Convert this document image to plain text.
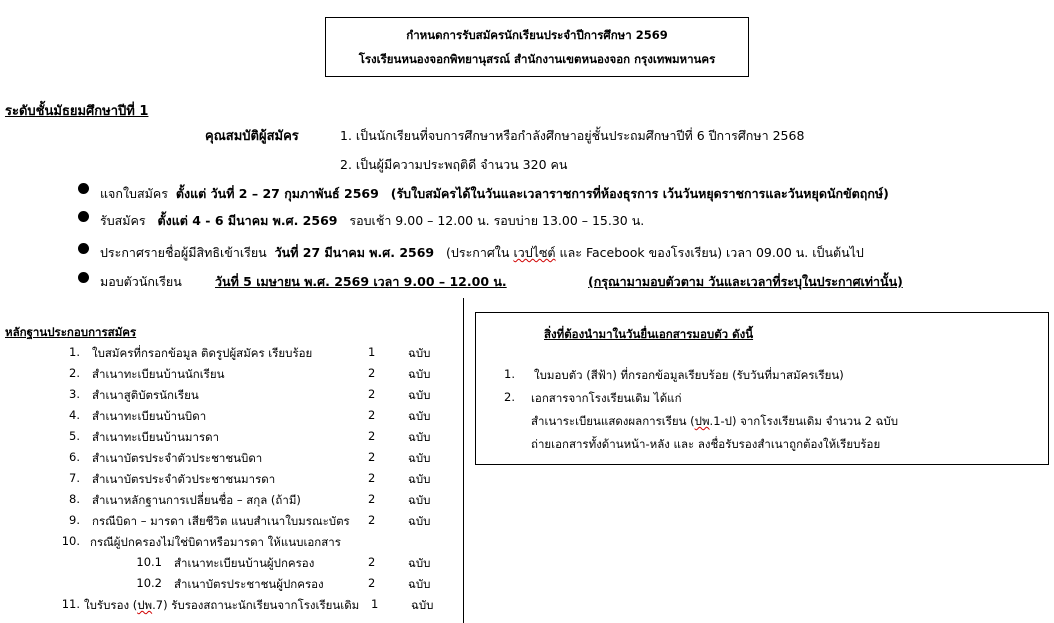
กำหนดการรับสมัครนักเรียนประจำปีการศึกษา 2569
โรงเรียนหนองจอกพิทยานุสรณ์ สำนักงานเขตหนองจอก กรุงเทพมหานคร
ระดับชั้นมัธยมศึกษาปีที่ 1
คุณสมบัติผู้สมัคร	1. เป็นนักเรียนที่จบการศึกษาหรือกำลังศึกษาอยู่ชั้นประถมศึกษาปีที่ 6 ปีการศึกษา 2568
2. เป็นผู้มีความประพฤติดี จำนวน 320 คน
แจกใบสมัคร ตั้งแต่ วันที่ 2 – 27 กุมภาพันธ์ 2569 (รับใบสมัครได้ในวันและเวลาราชการที่ห้องธุรการ เว้นวันหยุดราชการและวันหยุดนักขัตฤกษ์)
รับสมัคร ตั้งแต่ 4 - 6 มีนาคม พ.ศ. 2569 รอบเช้า 9.00 – 12.00 น. รอบบ่าย 13.00 – 15.30 น.
ประกาศรายชื่อผู้มีสิทธิเข้าเรียน วันที่ 27 มีนาคม พ.ศ. 2569 (ประกาศใน เวปไซต์ และ Facebook ของโรงเรียน) เวลา 09.00 น. เป็นต้นไป
มอบตัวนักเรียน	วันที่ 5 เมษายน พ.ศ. 2569 เวลา 9.00 – 12.00 น.	(กรุณามามอบตัวตาม วันและเวลาที่ระบุในประกาศเท่านั้น)
หลักฐานประกอบการสมัคร
1. ใบสมัครที่กรอกข้อมูล ติดรูปผู้สมัคร เรียบร้อย	1	ฉบับ
2. สำเนาทะเบียนบ้านนักเรียน	2	ฉบับ
3. สำเนาสูติบัตรนักเรียน	2	ฉบับ
4. สำเนาทะเบียนบ้านบิดา	2	ฉบับ
5. สำเนาทะเบียนบ้านมารดา	2	ฉบับ
6. สำเนาบัตรประจำตัวประชาชนบิดา	2	ฉบับ
7. สำเนาบัตรประจำตัวประชาชนมารดา	2	ฉบับ
8. สำเนาหลักฐานการเปลี่ยนชื่อ – สกุล (ถ้ามี)	2	ฉบับ
9. กรณีบิดา – มารดา เสียชีวิต แนบสำเนาใบมรณะบัตร 2	ฉบับ
10. กรณีผู้ปกครองไม่ใช่บิดาหรือมารดา ให้แนบเอกสาร
10.1 สำเนาทะเบียนบ้านผู้ปกครอง	2	ฉบับ
10.2 สำเนาบัตรประชาชนผู้ปกครอง	2	ฉบับ
11. ใบรับรอง (ปพ.7) รับรองสถานะนักเรียนจากโรงเรียนเดิม 1	ฉบับ
สิ่งที่ต้องนำมาในวันยื่นเอกสารมอบตัว ดังนี้
1. ใบมอบตัว (สีฟ้า) ที่กรอกข้อมูลเรียบร้อย (รับวันที่มาสมัครเรียน)
2. เอกสารจากโรงเรียนเดิม ได้แก่
สำเนาระเบียนแสดงผลการเรียน (ปพ.1-ป) จากโรงเรียนเดิม จำนวน 2 ฉบับ
ถ่ายเอกสารทั้งด้านหน้า-หลัง และ ลงชื่อรับรองสำเนาถูกต้องให้เรียบร้อย
